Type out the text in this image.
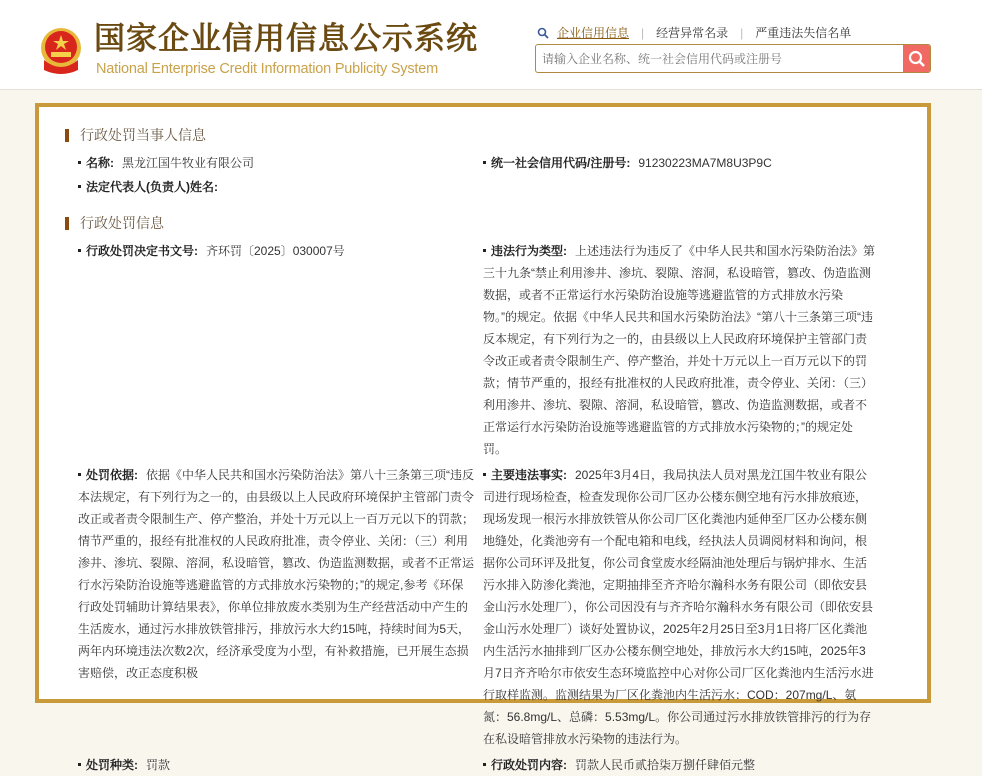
国家企业信用信息公示系统
National Enterprise Credit Information Publicity System
企业信用信息 | 经营异常名录 | 严重违法失信名单
请输入企业名称、统一社会信用代码或注册号
行政处罚当事人信息
名称: 黑龙江国牛牧业有限公司	统一社会信用代码/注册号: 91230223MA7M8U3P9C
法定代表人(负责人)姓名:
行政处罚信息
行政处罚决定书文号: 齐环罚〔2025〕030007号	违法行为类型: 上述违法行为违反了《中华人民共和国水污染防治法》第三十九条“禁止利用渗井、渗坑、裂隙、溶洞，私设暗管，篡改、伪造监测数据，或者不正常运行水污染防治设施等逃避监管的方式排放水污染物。”的规定。依据《中华人民共和国水污染防治法》“第八十三条第三项“违反本规定，有下列行为之一的，由县级以上人民政府环境保护主管部门责令改正或者责令限制生产、停产整治，并处十万元以上一百万元以下的罚款；情节严重的，报经有批准权的人民政府批准，责令停业、关闭：（三）利用渗井、渗坑、裂隙、溶洞，私设暗管，篡改、伪造监测数据，或者不正常运行水污染防治设施等逃避监管的方式排放水污染物的；”的规定处罚。
处罚依据: 依据《中华人民共和国水污染防治法》第八十三条第三项“违反本法规定，有下列行为之一的，由县级以上人民政府环境保护主管部门责令改正或者责令限制生产、停产整治，并处十万元以上一百万元以下的罚款；情节严重的，报经有批准权的人民政府批准，责令停业、关闭：（三）利用渗井、渗坑、裂隙、溶洞，私设暗管，篡改、伪造监测数据，或者不正常运行水污染防治设施等逃避监管的方式排放水污染物的；”的规定,参考《环保行政处罚辅助计算结果表》，你单位排放废水类别为生产经营活动中产生的生活废水，通过污水排放铁管排污，排放污水大约15吨，持续时间为5天，两年内环境违法次数2次，经济承受度为小型，有补救措施，已开展生态损害赔偿，改正态度积极
主要违法事实: 2025年3月4日，我局执法人员对黑龙江国牛牧业有限公司进行现场检查，检查发现你公司厂区办公楼东侧空地有污水排放痕迹，现场发现一根污水排放铁管从你公司厂区化粪池内延伸至厂区办公楼东侧地缝处，化粪池旁有一个配电箱和电线，经执法人员调阅材料和询问，根据你公司环评及批复，你公司食堂废水经隔油池处理后与锅炉排水、生活污水排入防渗化粪池，定期抽排至齐齐哈尔瀚科水务有限公司（即依安县金山污水处理厂），你公司因没有与齐齐哈尔瀚科水务有限公司（即依安县金山污水处理厂）谈好处置协议，2025年2月25日至3月1日将厂区化粪池内生活污水抽排到厂区办公楼东侧空地处，排放污水大约15吨，2025年3月7日齐齐哈尔市依安生态环境监控中心对你公司厂区化粪池内生活污水进行取样监测。监测结果为厂区化粪池内生活污水：COD：207mg/L、氨氮：56.8mg/L、总磷：5.53mg/L。你公司通过污水排放铁管排污的行为存在私设暗管排放水污染物的违法行为。
处罚种类: 罚款	行政处罚内容: 罚款人民币贰拾柒万捌仟肆佰元整
